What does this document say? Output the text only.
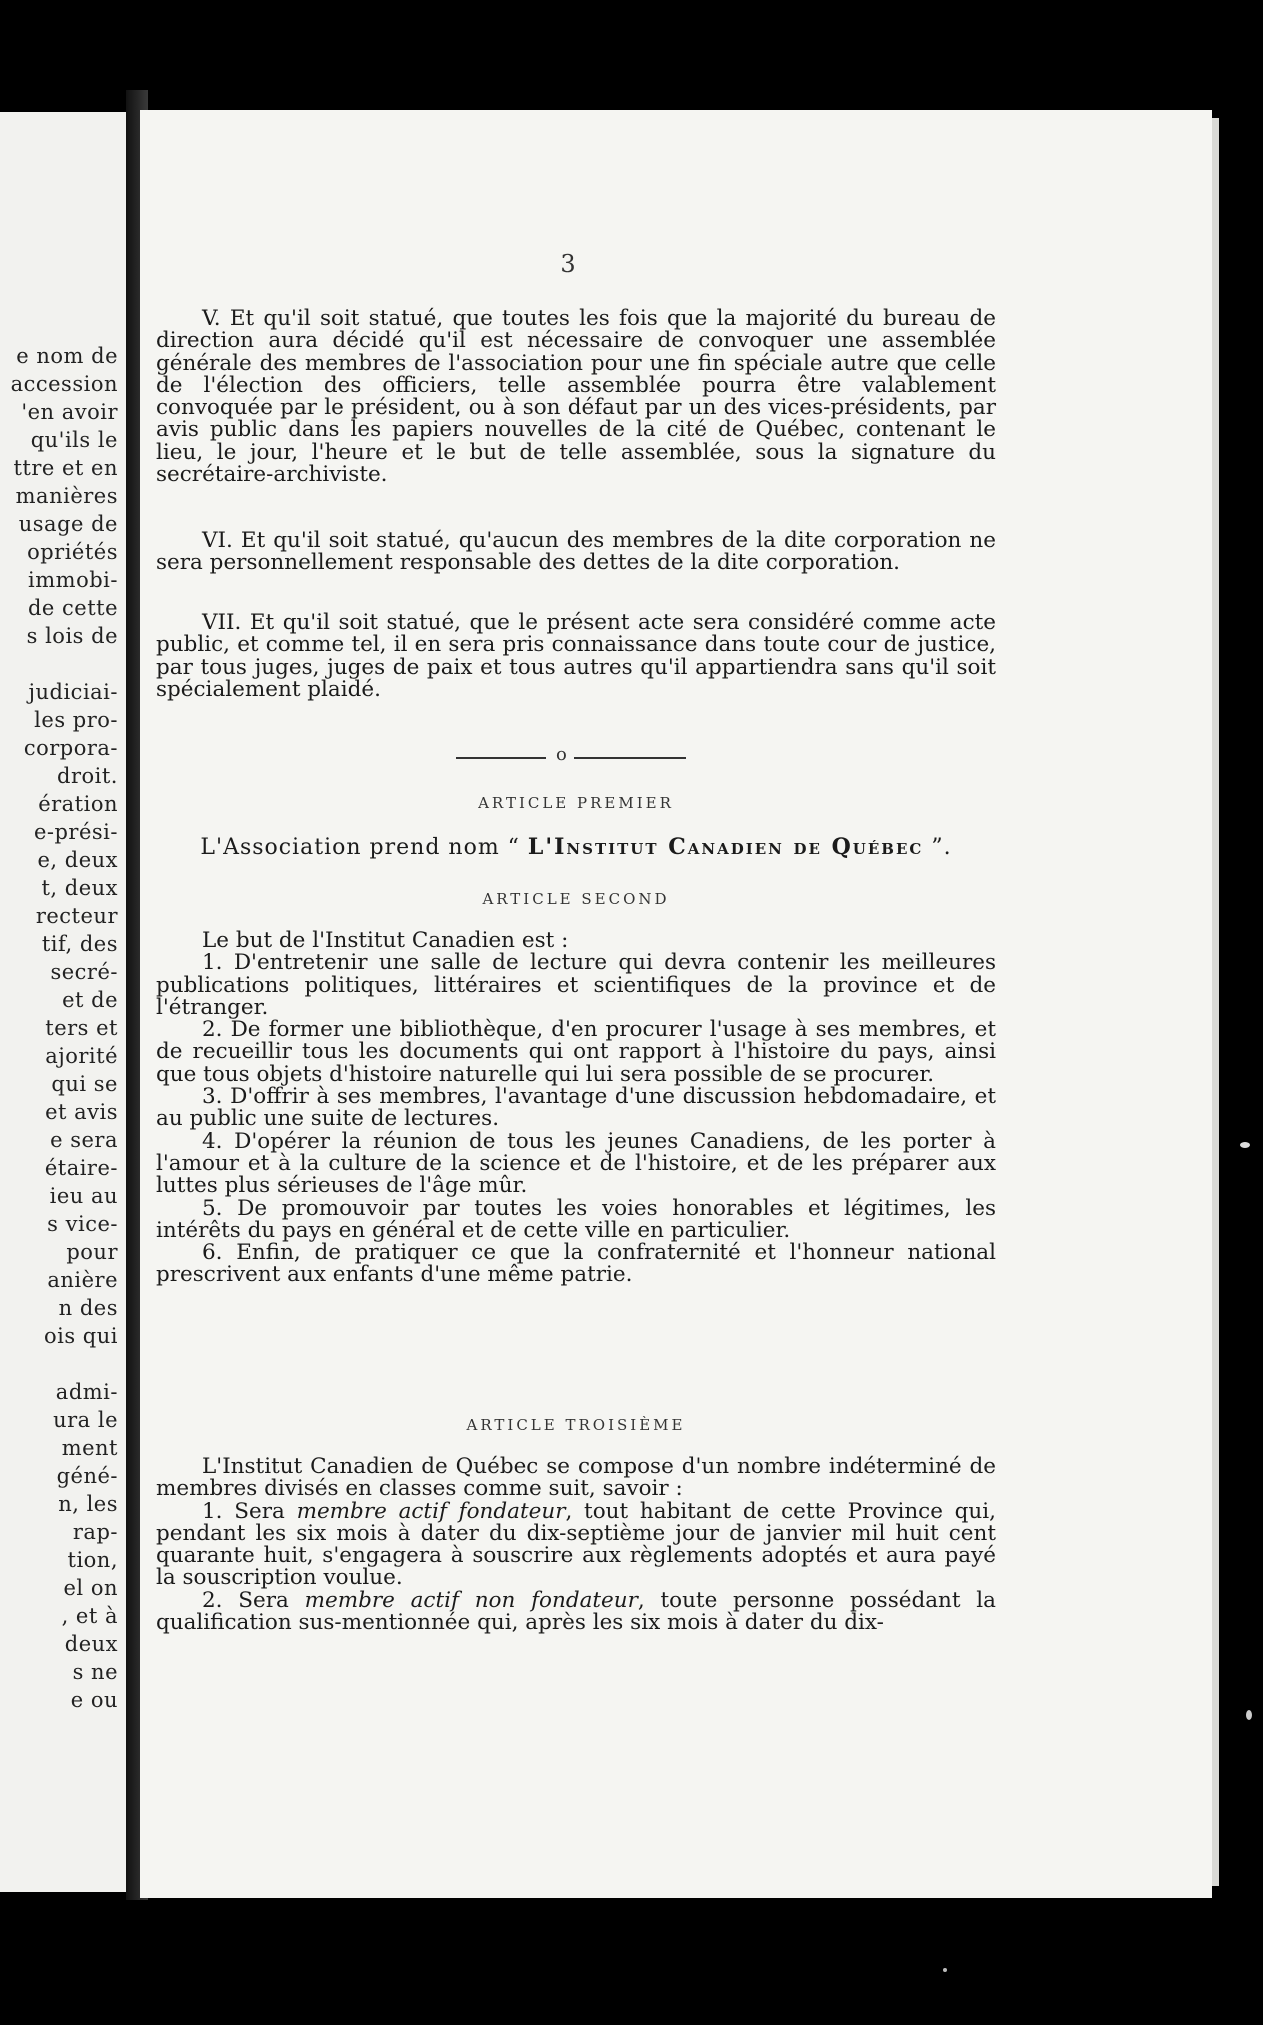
e nom de
accession
'en avoir
qu'ils le
ttre et en
manières
usage de
opriétés
immobi-
de cette
s lois de
judiciai-
les pro-
corpora-
droit.
ération
e-prési-
e, deux
t, deux
recteur
tif, des
secré-
et de
ters et
ajorité
qui se
et avis
e sera
étaire-
ieu au
s vice-
pour
anière
n des
ois qui
admi-
ura le
ment
géné-
n, les
rap-
tion,
el on
, et à
deux
s ne
e ou
3

V. Et qu'il soit statué, que toutes les fois que la majorité du bureau de direction aura décidé qu'il est nécessaire de convoquer une assemblée générale des membres de l'association pour une fin spéciale autre que celle de l'élection des officiers, telle assemblée pourra être valablement convoquée par le président, ou à son défaut par un des vices-présidents, par avis public dans les papiers nouvelles de la cité de Québec, contenant le lieu, le jour, l'heure et le but de telle assemblée, sous la signature du secrétaire-archiviste.

VI. Et qu'il soit statué, qu'aucun des membres de la dite corporation ne sera personnellement responsable des dettes de la dite corporation.

VII. Et qu'il soit statué, que le présent acte sera considéré comme acte public, et comme tel, il en sera pris connaissance dans toute cour de justice, par tous juges, juges de paix et tous autres qu'il appartiendra sans qu'il soit spécialement plaidé.

o
ARTICLE PREMIER
L'Association prend nom “ L'Institut Canadien de Québec ”.
ARTICLE SECOND

Le but de l'Institut Canadien est :

1. D'entretenir une salle de lecture qui devra contenir les meilleures publications politiques, littéraires et scientifiques de la province et de l'étranger.

2. De former une bibliothèque, d'en procurer l'usage à ses membres, et de recueillir tous les documents qui ont rapport à l'histoire du pays, ainsi que tous objets d'histoire naturelle qui lui sera possible de se procurer.

3. D'offrir à ses membres, l'avantage d'une discussion hebdomadaire, et au public une suite de lectures.

4. D'opérer la réunion de tous les jeunes Canadiens, de les porter à l'amour et à la culture de la science et de l'histoire, et de les préparer aux luttes plus sérieuses de l'âge mûr.

5. De promouvoir par toutes les voies honorables et légitimes, les intérêts du pays en général et de cette ville en particulier.

6. Enfin, de pratiquer ce que la confraternité et l'honneur national prescrivent aux enfants d'une même patrie.

ARTICLE TROISIÈME

L'Institut Canadien de Québec se compose d'un nombre indéterminé de membres divisés en classes comme suit, savoir :

1. Sera membre actif fondateur, tout habitant de cette Province qui, pendant les six mois à dater du dix-septième jour de janvier mil huit cent quarante huit, s'engagera à souscrire aux règlements adoptés et aura payé la souscription voulue.

2. Sera membre actif non fondateur, toute personne possédant la qualification sus-mentionnée qui, après les six mois à dater du dix-
